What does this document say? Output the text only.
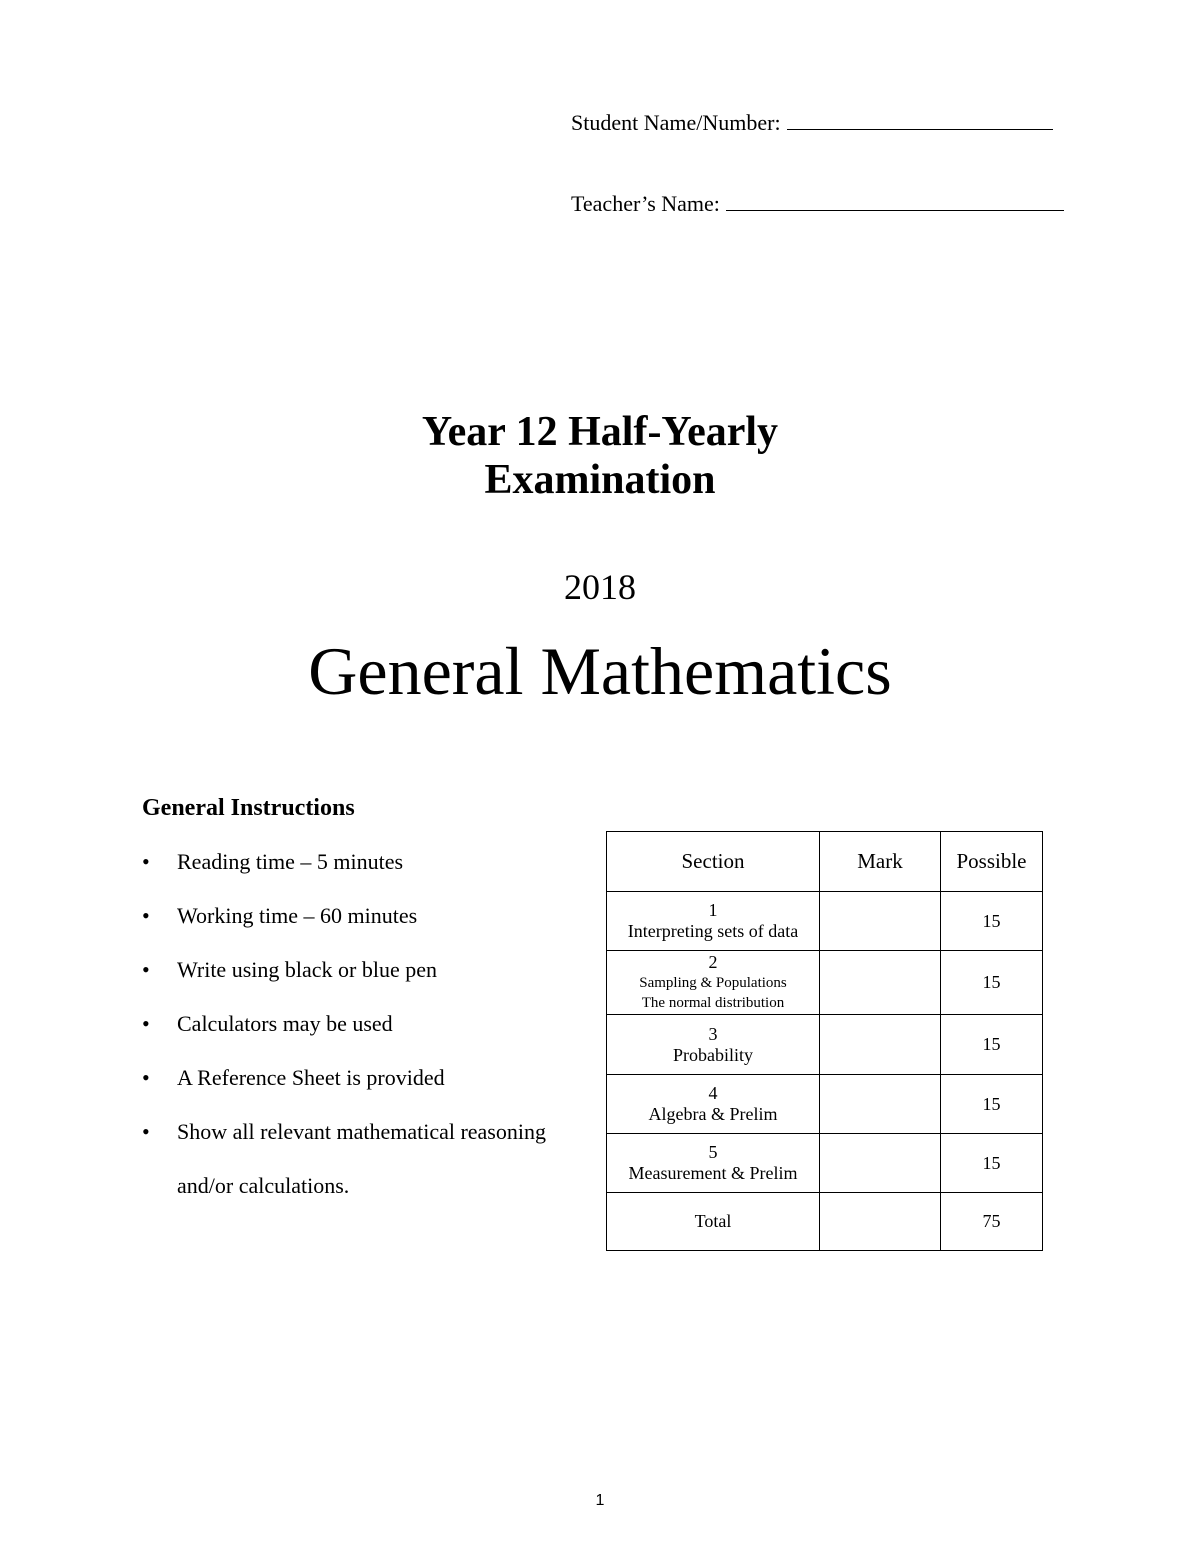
Student Name/Number:
Teacher’s Name:
Year 12 Half-Yearly
Examination
2018
General Mathematics
General Instructions
• Reading time – 5 minutes
• Working time – 60 minutes
• Write using black or blue pen
• Calculators may be used
• A Reference Sheet is provided
• Show all relevant mathematical reasoning
and/or calculations.
Section	Mark	Possible

1
Interpreting sets of data		15

2
Sampling & Populations
The normal distribution		15

3
Probability		15

4
Algebra & Prelim		15

5
Measurement & Prelim		15
Total		75
1
